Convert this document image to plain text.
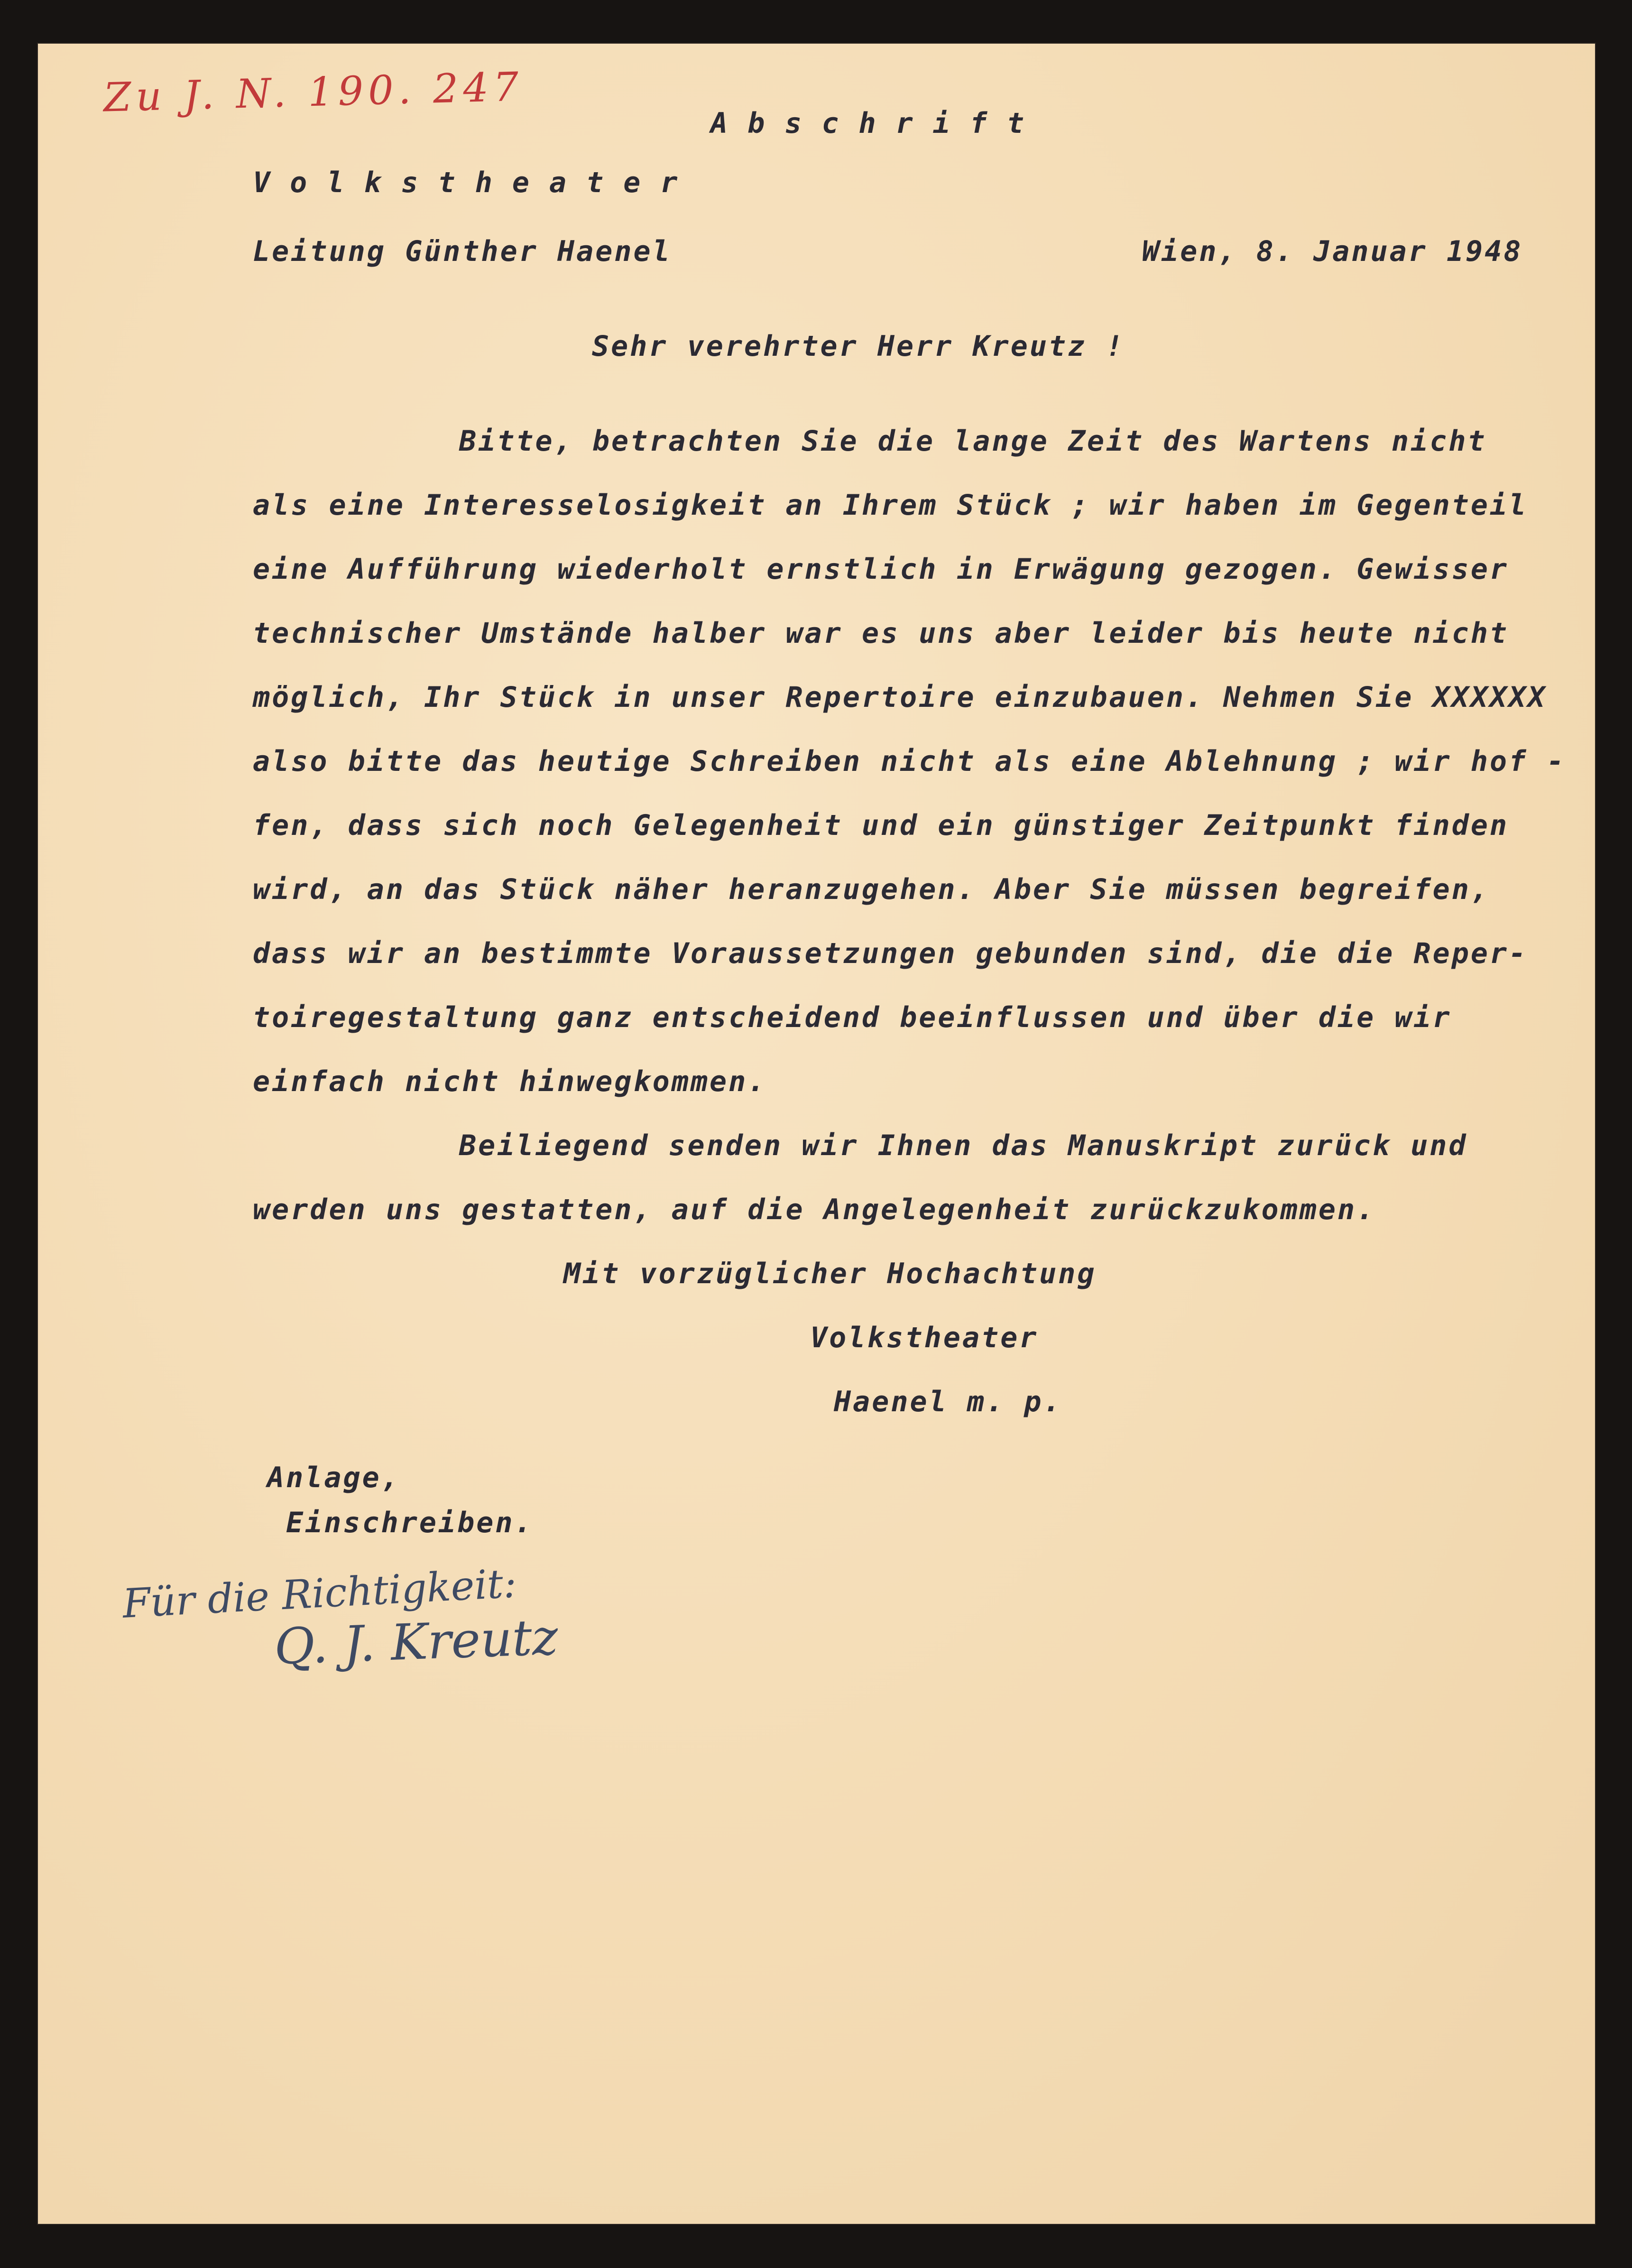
Zu J. N. 190. 247
Abschrift
Volkstheater
Leitung Günther Haenel	Wien, 8. Januar 1948
Sehr verehrter Herr Kreutz !
Bitte, betrachten Sie die lange Zeit des Wartens nicht
als eine Interesselosigkeit an Ihrem Stück ; wir haben im Gegenteil
eine Aufführung wiederholt ernstlich in Erwägung gezogen. Gewisser
technischer Umstände halber war es uns aber leider bis heute nicht
möglich, Ihr Stück in unser Repertoire einzubauen. Nehmen Sie XXXXXX
also bitte das heutige Schreiben nicht als eine Ablehnung ; wir hof -
fen, dass sich noch Gelegenheit und ein günstiger Zeitpunkt finden
wird, an das Stück näher heranzugehen. Aber Sie müssen begreifen,
dass wir an bestimmte Voraussetzungen gebunden sind, die die Reper-
toiregestaltung ganz entscheidend beeinflussen und über die wir
einfach nicht hinwegkommen.
Beiliegend senden wir Ihnen das Manuskript zurück und
werden uns gestatten, auf die Angelegenheit zurückzukommen.
Mit vorzüglicher Hochachtung
Volkstheater
Haenel m. p.
Anlage,
Einschreiben.
Für die Richtigkeit:
Q. J. Kreutz
